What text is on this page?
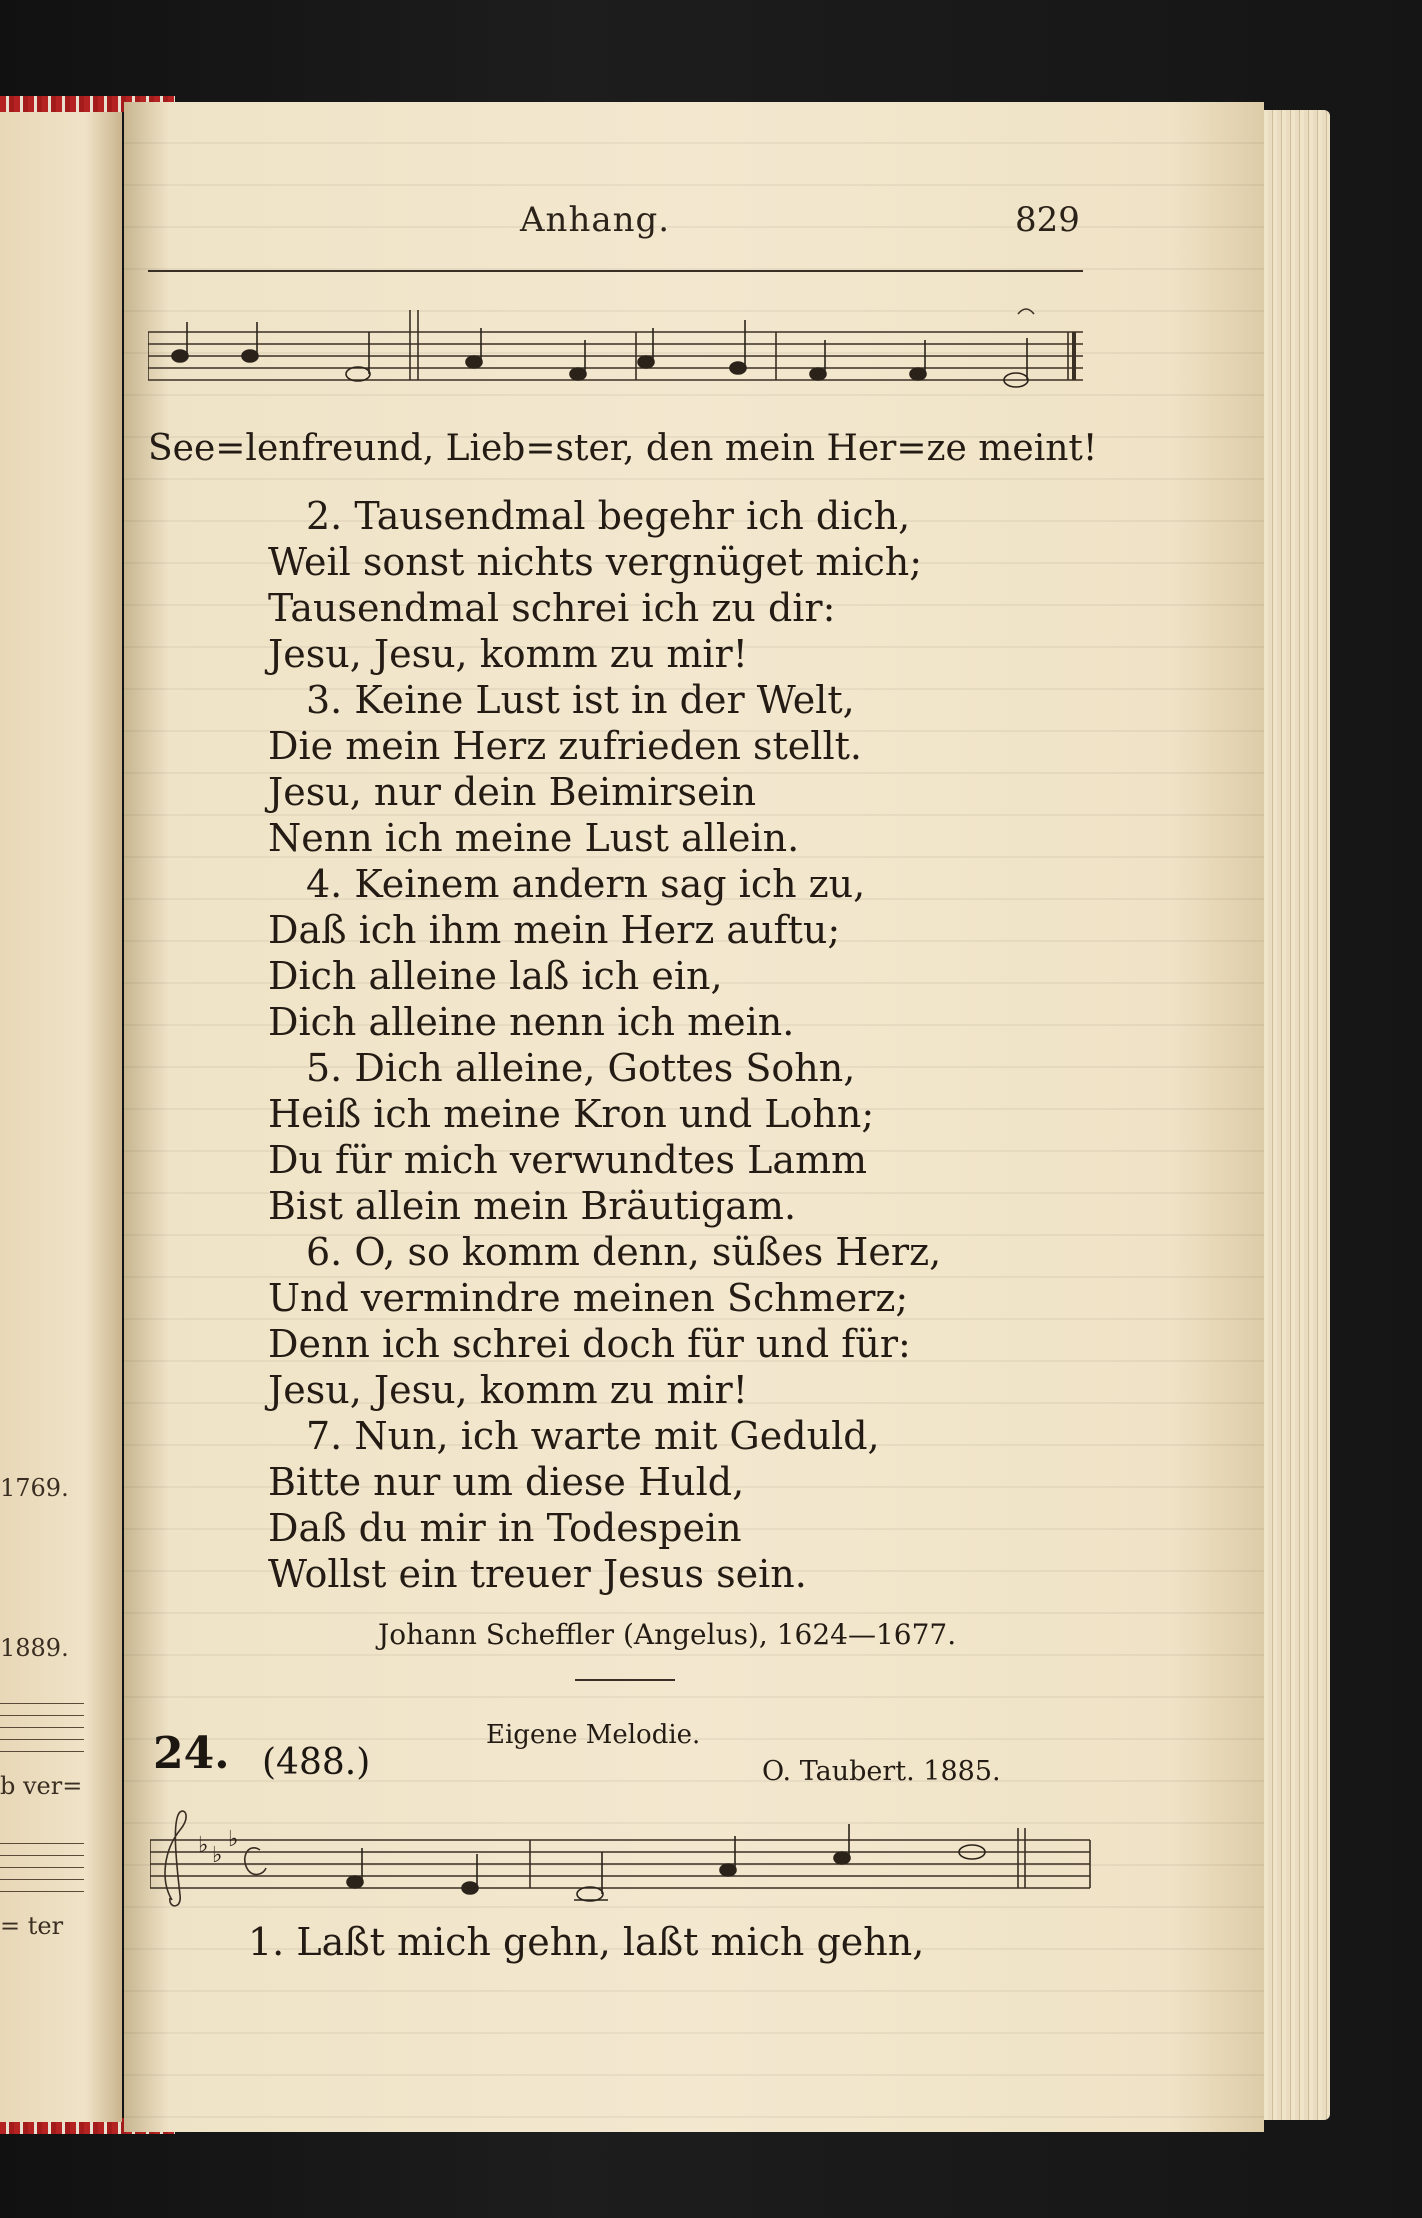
1769.
1889.
b ver=
= ter
Anhang.	829
See=lenfreund, Lieb=ster, den mein Her=ze meint!
2. Tausendmal begehr ich dich,
Weil sonst nichts vergnüget mich;
Tausendmal schrei ich zu dir:
Jesu, Jesu, komm zu mir!
3. Keine Lust ist in der Welt,
Die mein Herz zufrieden stellt.
Jesu, nur dein Beimirsein
Nenn ich meine Lust allein.
4. Keinem andern sag ich zu,
Daß ich ihm mein Herz auftu;
Dich alleine laß ich ein,
Dich alleine nenn ich mein.
5. Dich alleine, Gottes Sohn,
Heiß ich meine Kron und Lohn;
Du für mich verwundtes Lamm
Bist allein mein Bräutigam.
6. O, so komm denn, süßes Herz,
Und vermindre meinen Schmerz;
Denn ich schrei doch für und für:
Jesu, Jesu, komm zu mir!
7. Nun, ich warte mit Geduld,
Bitte nur um diese Huld,
Daß du mir in Todespein
Wollst ein treuer Jesus sein.
Johann Scheffler (Angelus), 1624—1677.
24. (488.)
Eigene Melodie.
O. Taubert. 1885.
♭ ♭
♭
1. Laßt mich gehn, laßt mich gehn,
